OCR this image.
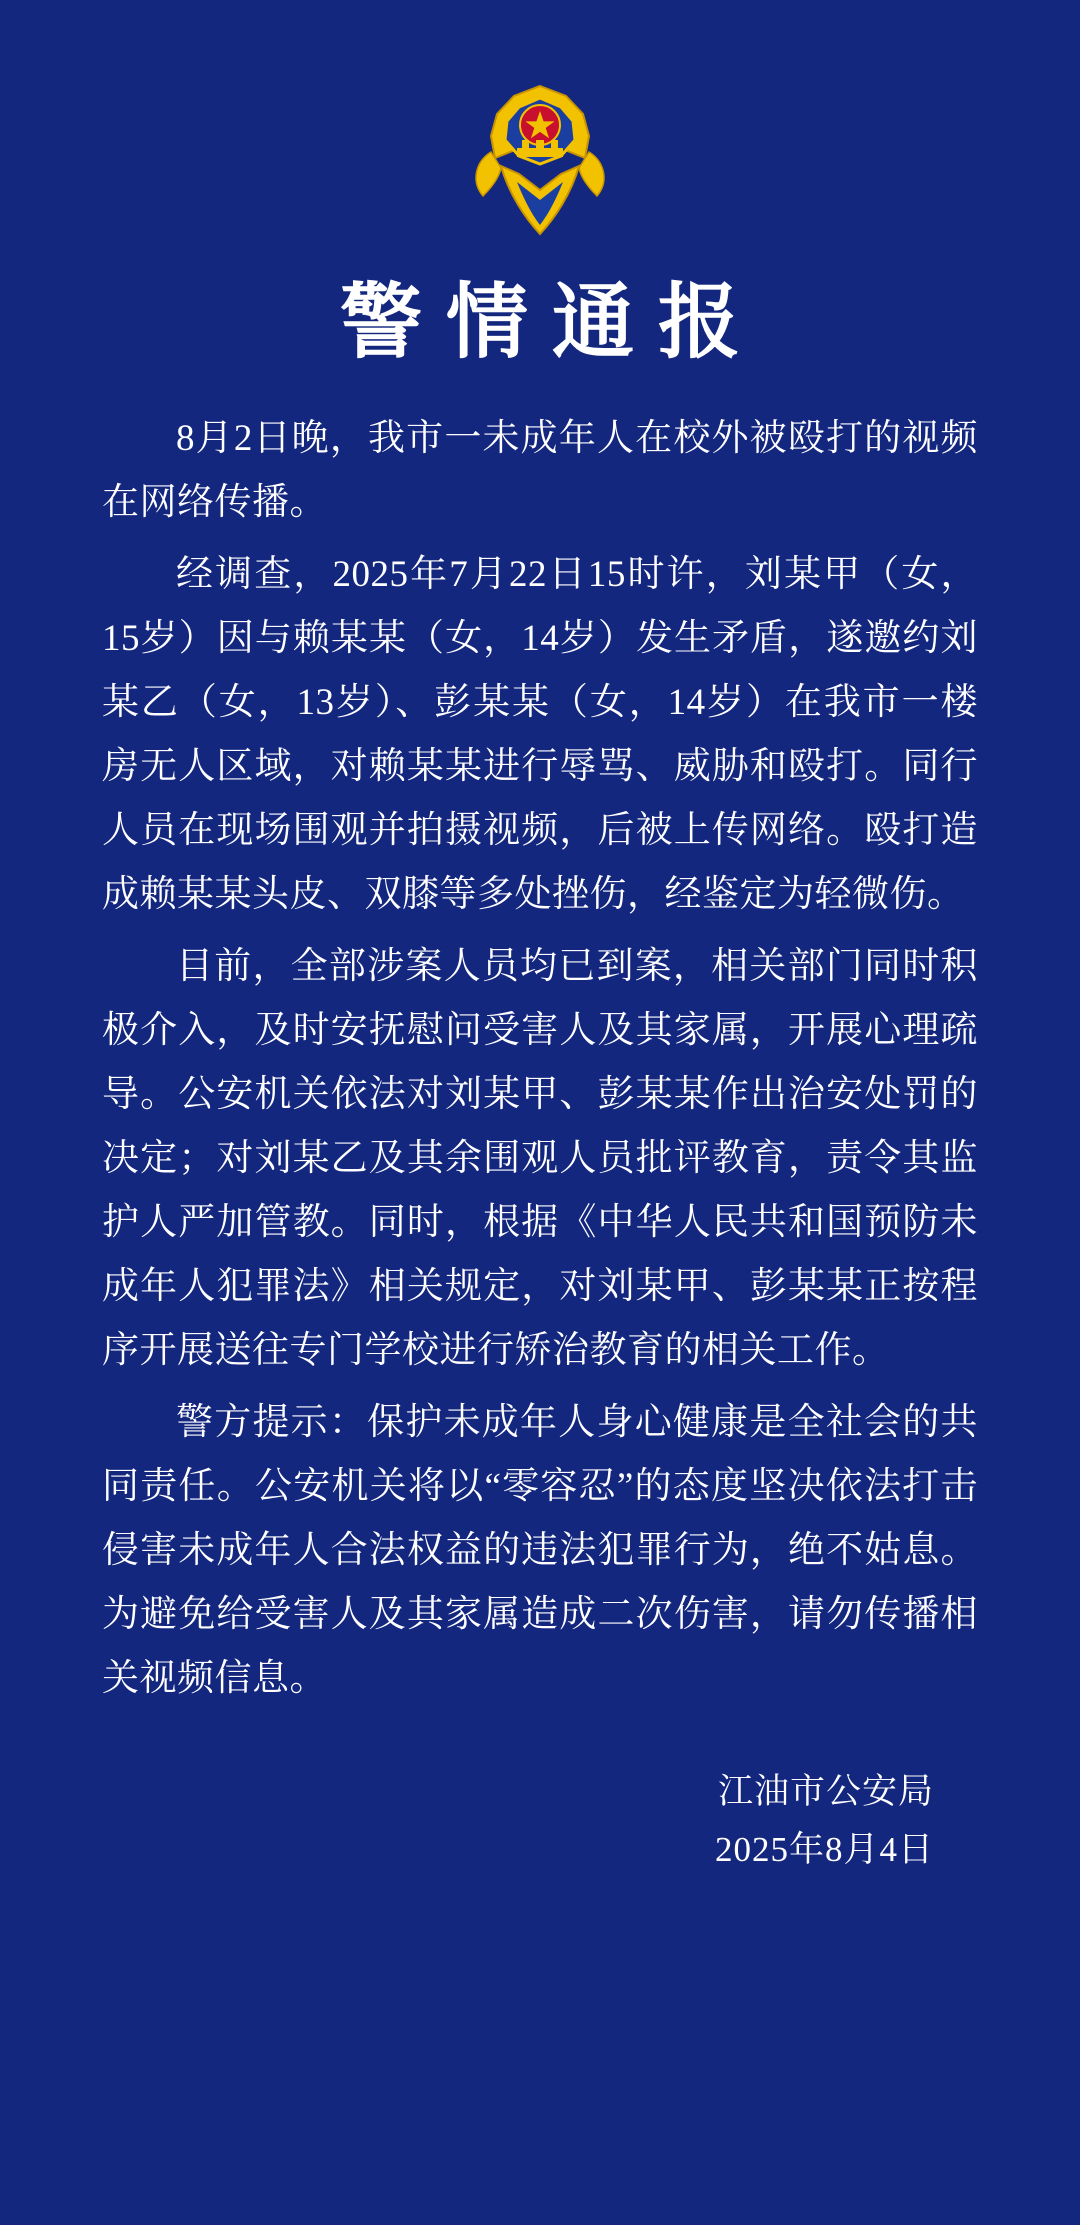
警情通报

8月2日晚，我市一未成年人在校外被殴打的视频在网络传播。

经调查，2025年7月22日15时许，刘某甲（女，15岁）因与赖某某（女，14岁）发生矛盾，遂邀约刘某乙（女，13岁）、彭某某（女，14岁）在我市一楼房无人区域，对赖某某进行辱骂、威胁和殴打。同行人员在现场围观并拍摄视频，后被上传网络。殴打造成赖某某头皮、双膝等多处挫伤，经鉴定为轻微伤。

目前，全部涉案人员均已到案，相关部门同时积极介入，及时安抚慰问受害人及其家属，开展心理疏导。公安机关依法对刘某甲、彭某某作出治安处罚的决定；对刘某乙及其余围观人员批评教育，责令其监护人严加管教。同时，根据《中华人民共和国预防未成年人犯罪法》相关规定，对刘某甲、彭某某正按程序开展送往专门学校进行矫治教育的相关工作。

警方提示：保护未成年人身心健康是全社会的共同责任。公安机关将以“零容忍”的态度坚决依法打击侵害未成年人合法权益的违法犯罪行为，绝不姑息。为避免给受害人及其家属造成二次伤害，请勿传播相关视频信息。

江油市公安局
2025年8月4日
